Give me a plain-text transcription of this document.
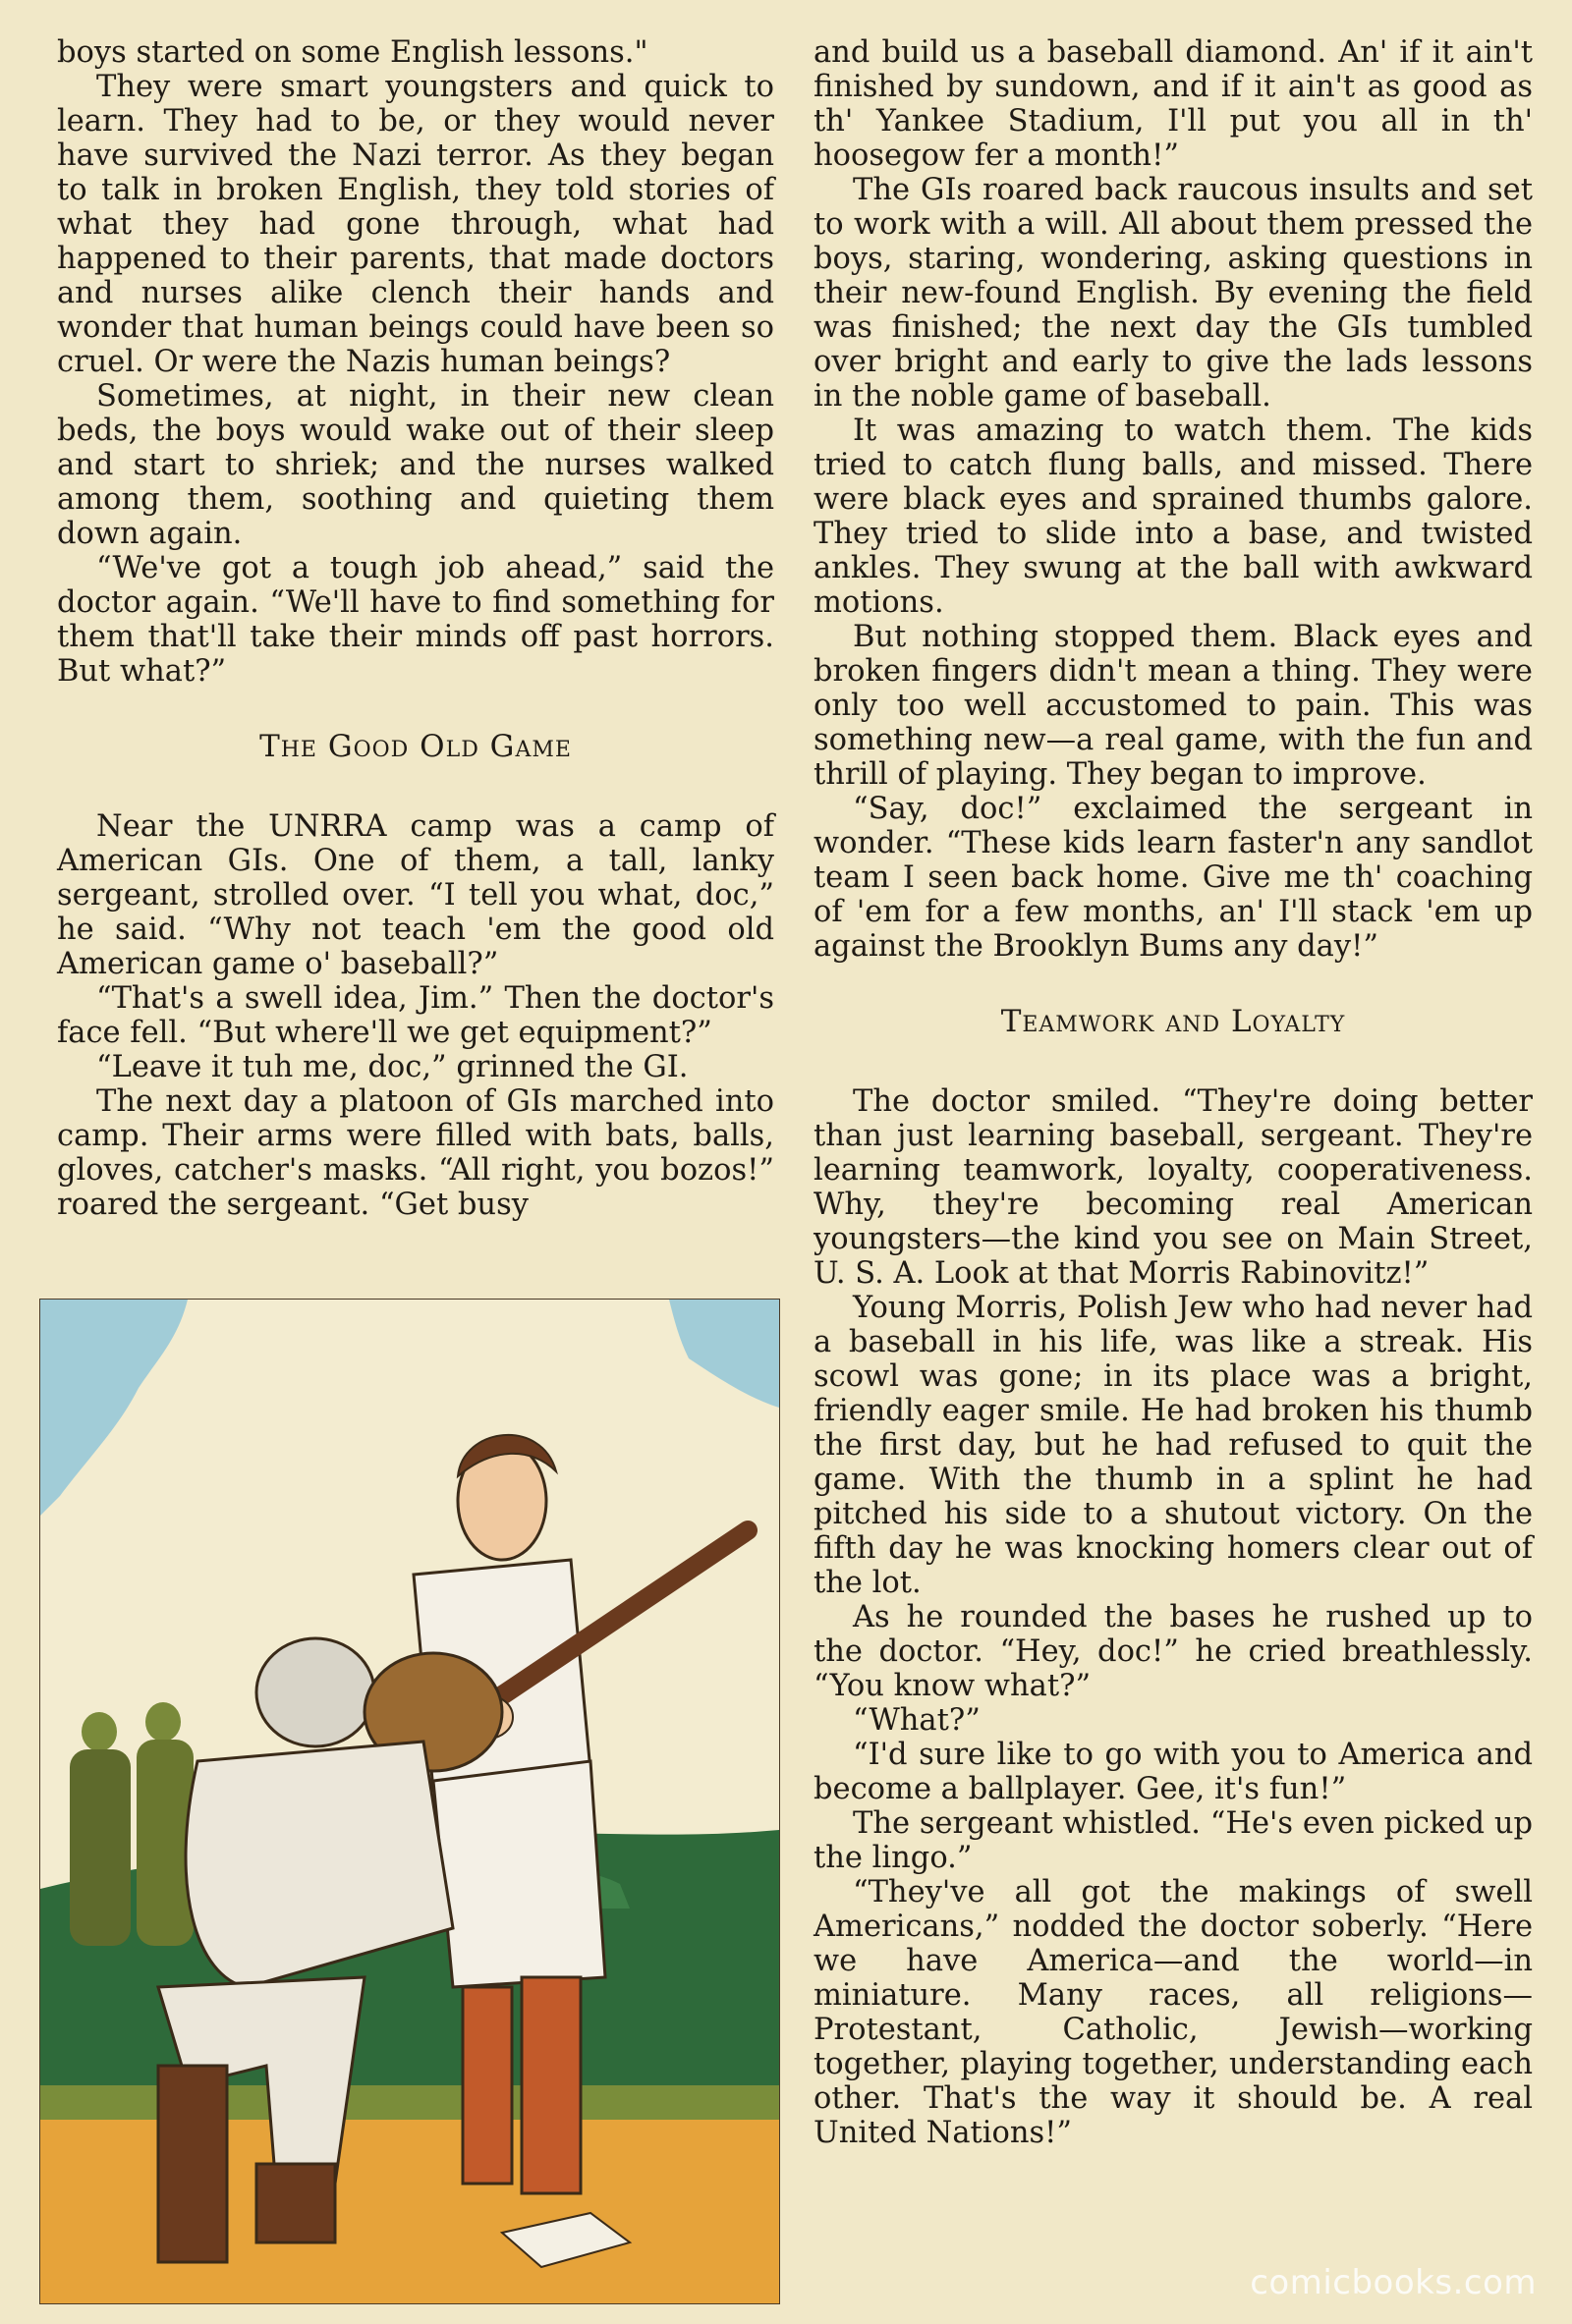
boys started on some English lessons."

They were smart youngsters and quick to learn. They had to be, or they would never have survived the Nazi terror. As they began to talk in broken English, they told stories of what they had gone through, what had happened to their parents, that made doctors and nurses alike clench their hands and wonder that human beings could have been so cruel. Or were the Nazis human beings?

Sometimes, at night, in their new clean beds, the boys would wake out of their sleep and start to shriek; and the nurses walked among them, soothing and quieting them down again.

“We've got a tough job ahead,” said the doctor again. “We'll have to find something for them that'll take their minds off past horrors. But what?”

The Good Old Game

Near the UNRRA camp was a camp of American GIs. One of them, a tall, lanky sergeant, strolled over. “I tell you what, doc,” he said. “Why not teach 'em the good old American game o' baseball?”

“That's a swell idea, Jim.” Then the doctor's face fell. “But where'll we get equipment?”

“Leave it tuh me, doc,” grinned the GI.

The next day a platoon of GIs marched into camp. Their arms were filled with bats, balls, gloves, catcher's masks. “All right, you bozos!” roared the sergeant. “Get busy

and build us a baseball diamond. An' if it ain't finished by sundown, and if it ain't as good as th' Yankee Stadium, I'll put you all in th' hoosegow fer a month!”

The GIs roared back raucous insults and set to work with a will. All about them pressed the boys, staring, wondering, asking questions in their new-found English. By evening the field was finished; the next day the GIs tumbled over bright and early to give the lads lessons in the noble game of baseball.

It was amazing to watch them. The kids tried to catch flung balls, and missed. There were black eyes and sprained thumbs galore. They tried to slide into a base, and twisted ankles. They swung at the ball with awkward motions.

But nothing stopped them. Black eyes and broken fingers didn't mean a thing. They were only too well accustomed to pain. This was something new—a real game, with the fun and thrill of playing. They began to improve.

“Say, doc!” exclaimed the sergeant in wonder. “These kids learn faster'n any sandlot team I seen back home. Give me th' coaching of 'em for a few months, an' I'll stack 'em up against the Brooklyn Bums any day!”

Teamwork and Loyalty

The doctor smiled. “They're doing better than just learning baseball, sergeant. They're learning teamwork, loyalty, cooperativeness. Why, they're becoming real American youngsters—the kind you see on Main Street, U. S. A. Look at that Morris Rabinovitz!”

Young Morris, Polish Jew who had never had a baseball in his life, was like a streak. His scowl was gone; in its place was a bright, friendly eager smile. He had broken his thumb the first day, but he had refused to quit the game. With the thumb in a splint he had pitched his side to a shutout victory. On the fifth day he was knocking homers clear out of the lot.

As he rounded the bases he rushed up to the doctor. “Hey, doc!” he cried breathlessly. “You know what?”

“What?”

“I'd sure like to go with you to America and become a ballplayer. Gee, it's fun!”

The sergeant whistled. “He's even picked up the lingo.”

“They've all got the makings of swell Americans,” nodded the doctor soberly. “Here we have America—and the world—in miniature. Many races, all religions—Protestant, Catholic, Jewish—working together, playing together, understanding each other. That's the way it should be. A real United Nations!”

comicbooks.com
